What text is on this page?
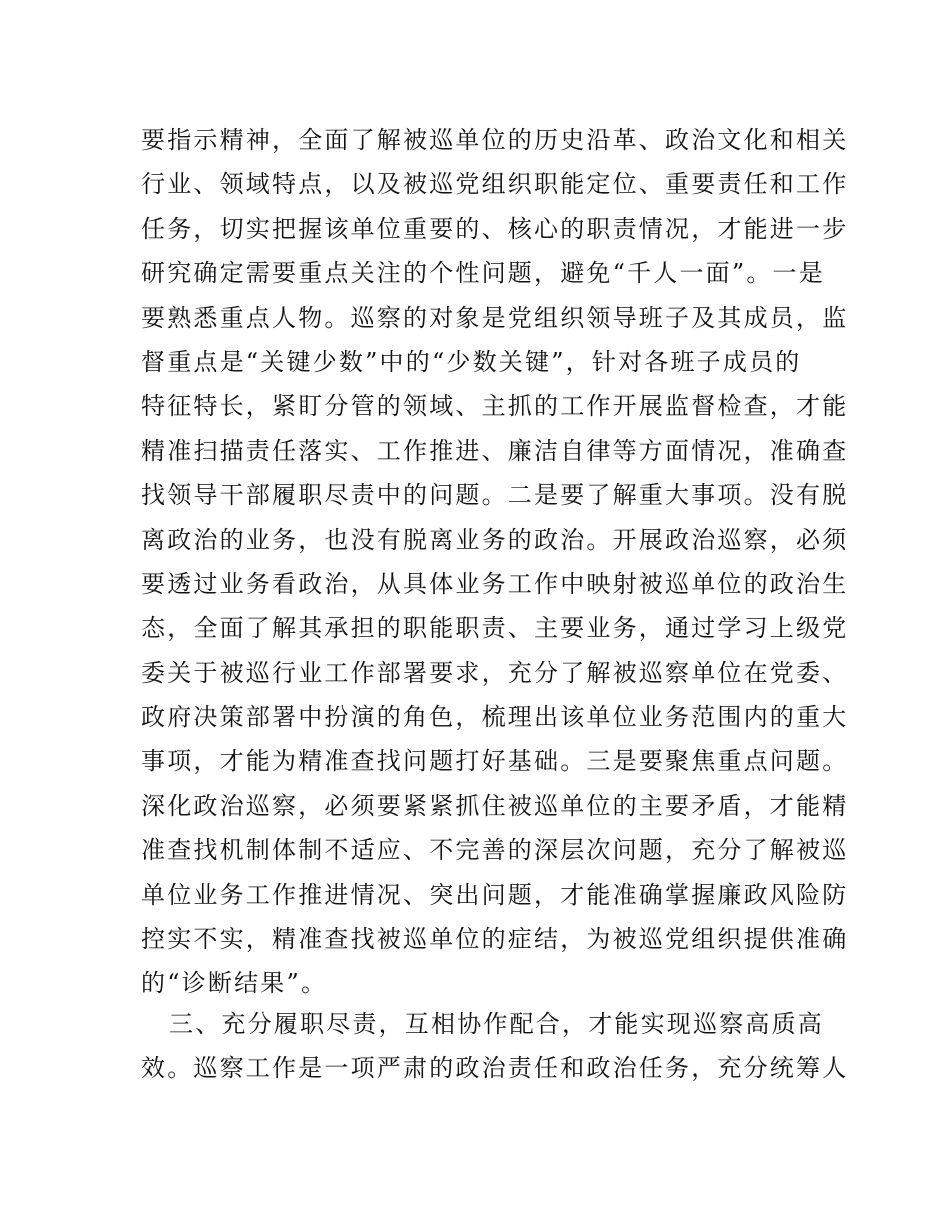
要指示精神，全面了解被巡单位的历史沿革、政治文化和相关
行业、领域特点，以及被巡党组织职能定位、重要责任和工作
任务，切实把握该单位重要的、核心的职责情况，才能进一步
研究确定需要重点关注的个性问题，避免“千人一面”。一是
要熟悉重点人物。巡察的对象是党组织领导班子及其成员，监
督重点是“关键少数”中的“少数关键”，针对各班子成员的
特征特长，紧盯分管的领域、主抓的工作开展监督检查，才能
精准扫描责任落实、工作推进、廉洁自律等方面情况，准确查
找领导干部履职尽责中的问题。二是要了解重大事项。没有脱
离政治的业务，也没有脱离业务的政治。开展政治巡察，必须
要透过业务看政治，从具体业务工作中映射被巡单位的政治生
态，全面了解其承担的职能职责、主要业务，通过学习上级党
委关于被巡行业工作部署要求，充分了解被巡察单位在党委、
政府决策部署中扮演的角色，梳理出该单位业务范围内的重大
事项，才能为精准查找问题打好基础。三是要聚焦重点问题。
深化政治巡察，必须要紧紧抓住被巡单位的主要矛盾，才能精
准查找机制体制不适应、不完善的深层次问题，充分了解被巡
单位业务工作推进情况、突出问题，才能准确掌握廉政风险防
控实不实，精准查找被巡单位的症结，为被巡党组织提供准确
的“诊断结果”。
三、充分履职尽责，互相协作配合，才能实现巡察高质高
效。巡察工作是一项严肃的政治责任和政治任务，充分统筹人
